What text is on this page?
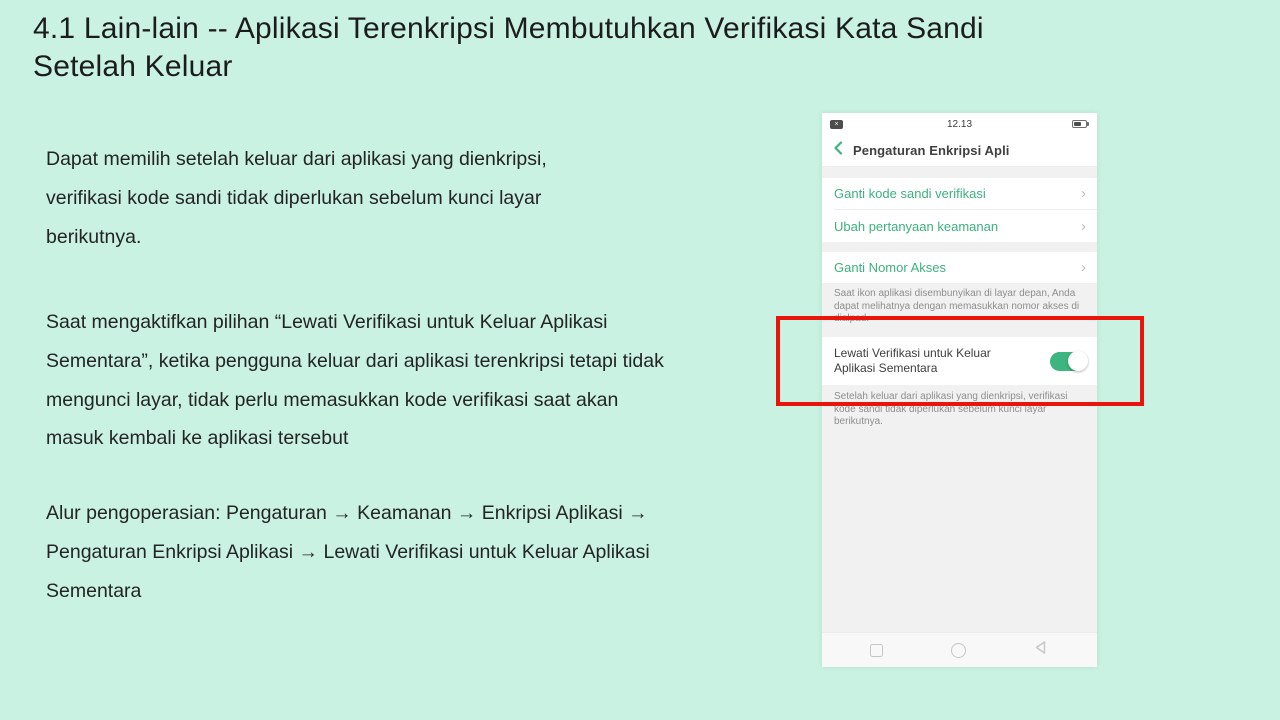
4.1 Lain-lain -- Aplikasi Terenkripsi Membutuhkan Verifikasi Kata Sandi
Setelah Keluar
Dapat memilih setelah keluar dari aplikasi yang dienkripsi,
verifikasi kode sandi tidak diperlukan sebelum kunci layar
berikutnya.
Saat mengaktifkan pilihan “Lewati Verifikasi untuk Keluar Aplikasi
Sementara”, ketika pengguna keluar dari aplikasi terenkripsi tetapi tidak
mengunci layar, tidak perlu memasukkan kode verifikasi saat akan
masuk kembali ke aplikasi tersebut
Alur pengoperasian: Pengaturan → Keamanan → Enkripsi Aplikasi →
Pengaturan Enkripsi Aplikasi → Lewati Verifikasi untuk Keluar Aplikasi
Sementara
×	12.13
Pengaturan Enkripsi Apli
Ganti kode sandi verifikasi	›
Ubah pertanyaan keamanan	›
Ganti Nomor Akses	›
Saat ikon aplikasi disembunyikan di layar depan, Anda dapat melihatnya dengan memasukkan nomor akses di dialpad.
Lewati Verifikasi untuk Keluar Aplikasi Sementara
Setelah keluar dari aplikasi yang dienkripsi, verifikasi kode sandi tidak diperlukan sebelum kunci layar berikutnya.
